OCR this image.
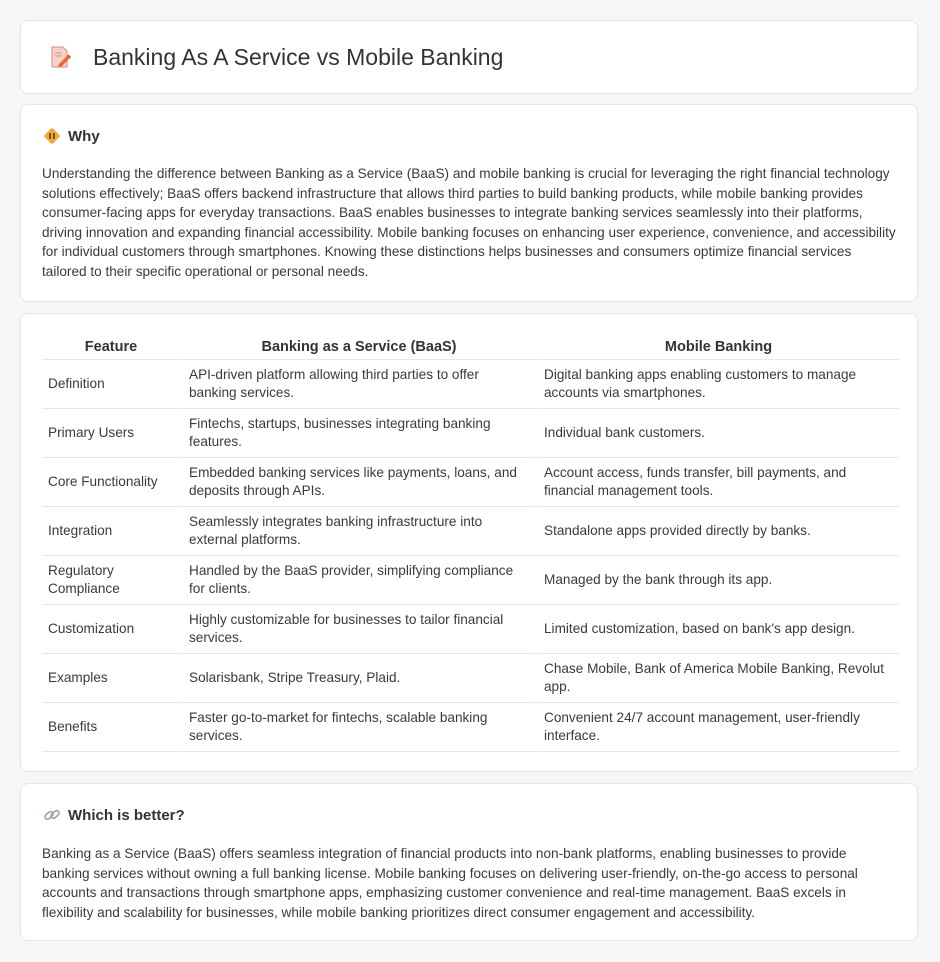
Banking As A Service vs Mobile Banking
Why

Understanding the difference between Banking as a Service (BaaS) and mobile banking is crucial for leveraging the right financial technology solutions effectively; BaaS offers backend infrastructure that allows third parties to build banking products, while mobile banking provides consumer-facing apps for everyday transactions. BaaS enables businesses to integrate banking services seamlessly into their platforms, driving innovation and expanding financial accessibility. Mobile banking focuses on enhancing user experience, convenience, and accessibility for individual customers through smartphones. Knowing these distinctions helps businesses and consumers optimize financial services tailored to their specific operational or personal needs.

Feature	Banking as a Service (BaaS)	Mobile Banking
Definition	API-driven platform allowing third parties to offer banking services.	Digital banking apps enabling customers to manage accounts via smartphones.
Primary Users	Fintechs, startups, businesses integrating banking features.	Individual bank customers.
Core Functionality	Embedded banking services like payments, loans, and deposits through APIs.	Account access, funds transfer, bill payments, and financial management tools.
Integration	Seamlessly integrates banking infrastructure into external platforms.	Standalone apps provided directly by banks.
Regulatory Compliance	Handled by the BaaS provider, simplifying compliance for clients.	Managed by the bank through its app.
Customization	Highly customizable for businesses to tailor financial services.	Limited customization, based on bank's app design.
Examples	Solarisbank, Stripe Treasury, Plaid.	Chase Mobile, Bank of America Mobile Banking, Revolut app.
Benefits	Faster go-to-market for fintechs, scalable banking services.	Convenient 24/7 account management, user-friendly interface.
Which is better?

Banking as a Service (BaaS) offers seamless integration of financial products into non-bank platforms, enabling businesses to provide banking services without owning a full banking license. Mobile banking focuses on delivering user-friendly, on-the-go access to personal accounts and transactions through smartphone apps, emphasizing customer convenience and real-time management. BaaS excels in flexibility and scalability for businesses, while mobile banking prioritizes direct consumer engagement and accessibility.
